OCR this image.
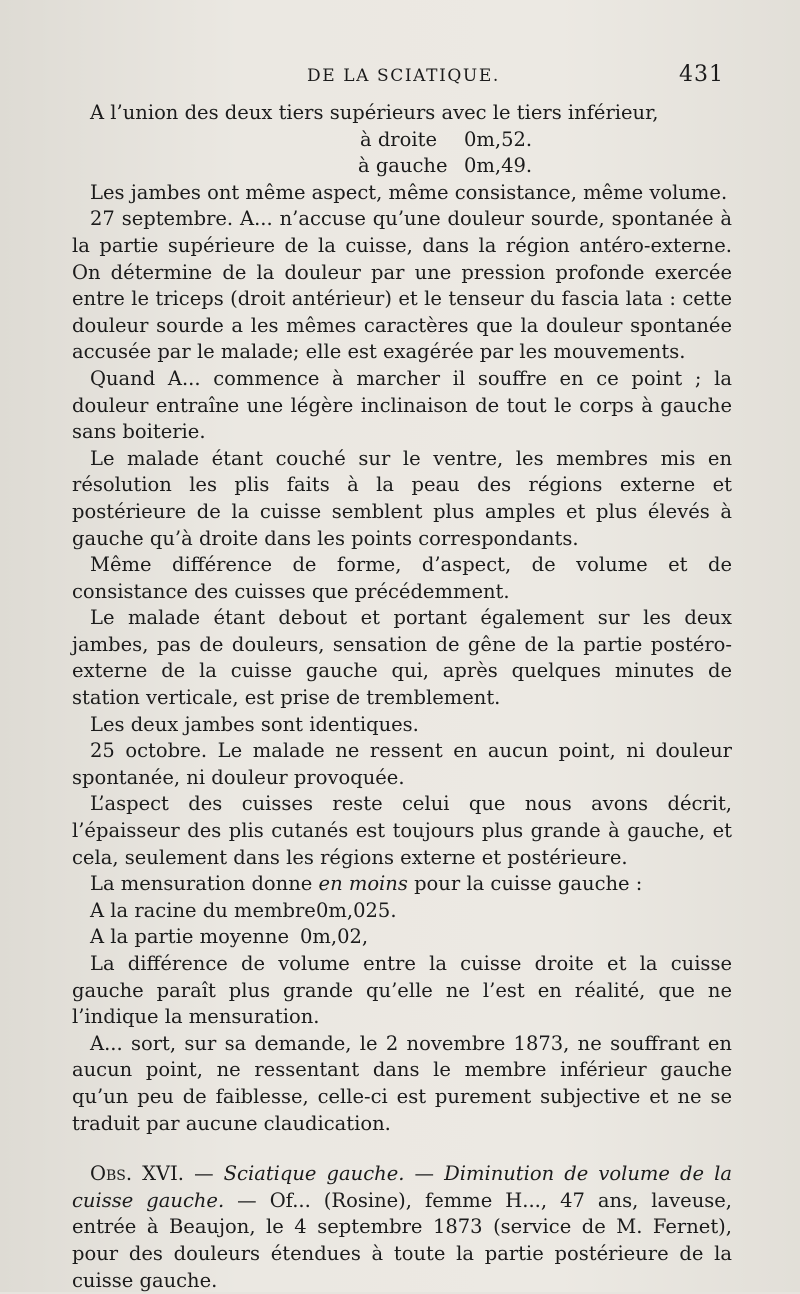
DE LA SCIATIQUE.	431

A l’union des deux tiers supérieurs avec le tiers inférieur,

à droite 0m,52.
à gauche 0m,49.

Les jambes ont même aspect, même consistance, même volume.

27 septembre. A... n’accuse qu’une douleur sourde, spontanée à la partie supérieure de la cuisse, dans la région antéro-externe. On détermine de la douleur par une pression profonde exercée entre le triceps (droit antérieur) et le tenseur du fascia lata : cette douleur sourde a les mêmes caractères que la douleur spontanée accusée par le malade; elle est exagérée par les mouvements.

Quand A... commence à marcher il souffre en ce point ; la douleur entraîne une légère inclinaison de tout le corps à gauche sans boiterie.

Le malade étant couché sur le ventre, les membres mis en résolution les plis faits à la peau des régions externe et postérieure de la cuisse semblent plus amples et plus élevés à gauche qu’à droite dans les points correspondants.

Même différence de forme, d’aspect, de volume et de consistance des cuisses que précédemment.

Le malade étant debout et portant également sur les deux jambes, pas de douleurs, sensation de gêne de la partie postéro-externe de la cuisse gauche qui, après quelques minutes de station verticale, est prise de tremblement.

Les deux jambes sont identiques.

25 octobre. Le malade ne ressent en aucun point, ni douleur spontanée, ni douleur provoquée.

L’aspect des cuisses reste celui que nous avons décrit, l’épaisseur des plis cutanés est toujours plus grande à gauche, et cela, seulement dans les régions externe et postérieure.

La mensuration donne en moins pour la cuisse gauche :

A la racine du membre 0m,025.
A la partie moyenne 0m,02,

La différence de volume entre la cuisse droite et la cuisse gauche paraît plus grande qu’elle ne l’est en réalité, que ne l’indique la mensuration.

A... sort, sur sa demande, le 2 novembre 1873, ne souffrant en aucun point, ne ressentant dans le membre inférieur gauche qu’un peu de faiblesse, celle-ci est purement subjective et ne se traduit par aucune claudication.

Obs. XVI. — Sciatique gauche. — Diminution de volume de la cuisse gauche. — Of... (Rosine), femme H..., 47 ans, laveuse, entrée à Beaujon, le 4 septembre 1873 (service de M. Fernet), pour des douleurs étendues à toute la partie postérieure de la cuisse gauche.
